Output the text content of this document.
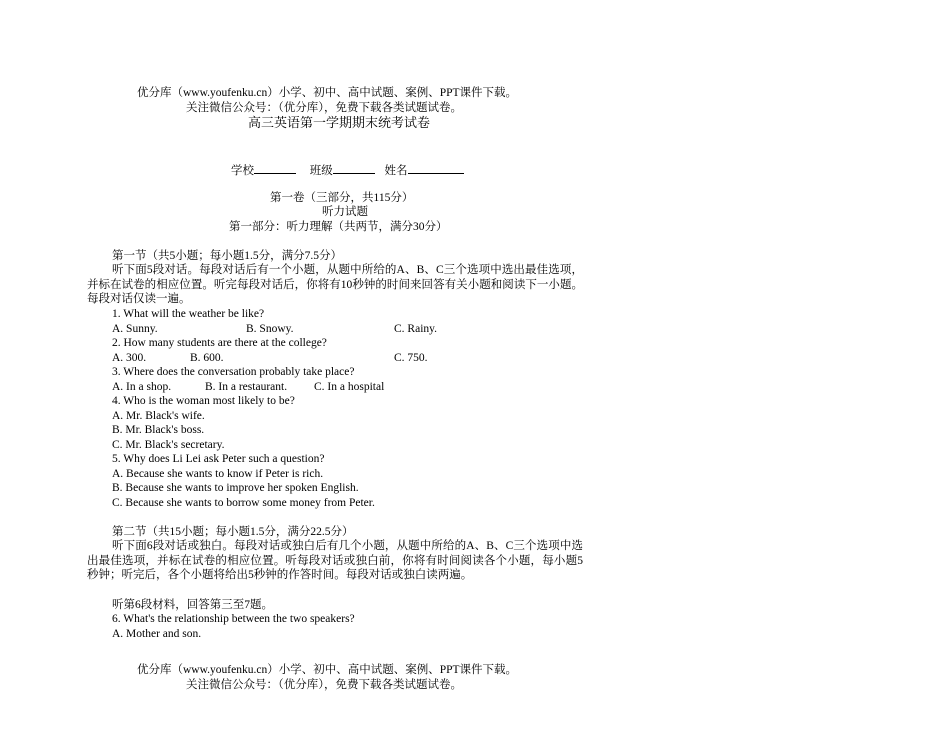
优分库（www.youfenku.cn）小学、初中、高中试题、案例、PPT课件下载。
关注微信公众号：（优分库），免费下载各类试题试卷。
高三英语第一学期期末统考试卷
学校	班级	姓名
第一卷（三部分，共115分）
听力试题
第一部分：听力理解（共两节，满分30分）
第一节（共5小题；每小题1.5分，满分7.5分）
听下面5段对话。每段对话后有一个小题，从题中所给的A、B、C三个选项中选出最佳选项，并标在试卷的相应位置。听完每段对话后，你将有10秒钟的时间来回答有关小题和阅读下一小题。每段对话仅读一遍。
1. What will the weather be like?
A. Sunny.	B. Snowy.	C. Rainy.
2. How many students are there at the college?
A. 300.	B. 600.	C. 750.
3. Where does the conversation probably take place?
A. In a shop.	B. In a restaurant. C. In a hospital
4. Who is the woman most likely to be?
A. Mr. Black's wife.
B. Mr. Black's boss.
C. Mr. Black's secretary.
5. Why does Li Lei ask Peter such a question?
A. Because she wants to know if Peter is rich.
B. Because she wants to improve her spoken English.
C. Because she wants to borrow some money from Peter.
第二节（共15小题；每小题1.5分，满分22.5分）
听下面6段对话或独白。每段对话或独白后有几个小题，从题中所给的A、B、C三个选项中选出最佳选项，并标在试卷的相应位置。听每段对话或独白前，你将有时间阅读各个小题，每小题5秒钟；听完后，各个小题将给出5秒钟的作答时间。每段对话或独白读两遍。
听第6段材料，回答第三至7题。
6. What's the relationship between the two speakers?
A. Mother and son.
优分库（www.youfenku.cn）小学、初中、高中试题、案例、PPT课件下载。
关注微信公众号：（优分库），免费下载各类试题试卷。
